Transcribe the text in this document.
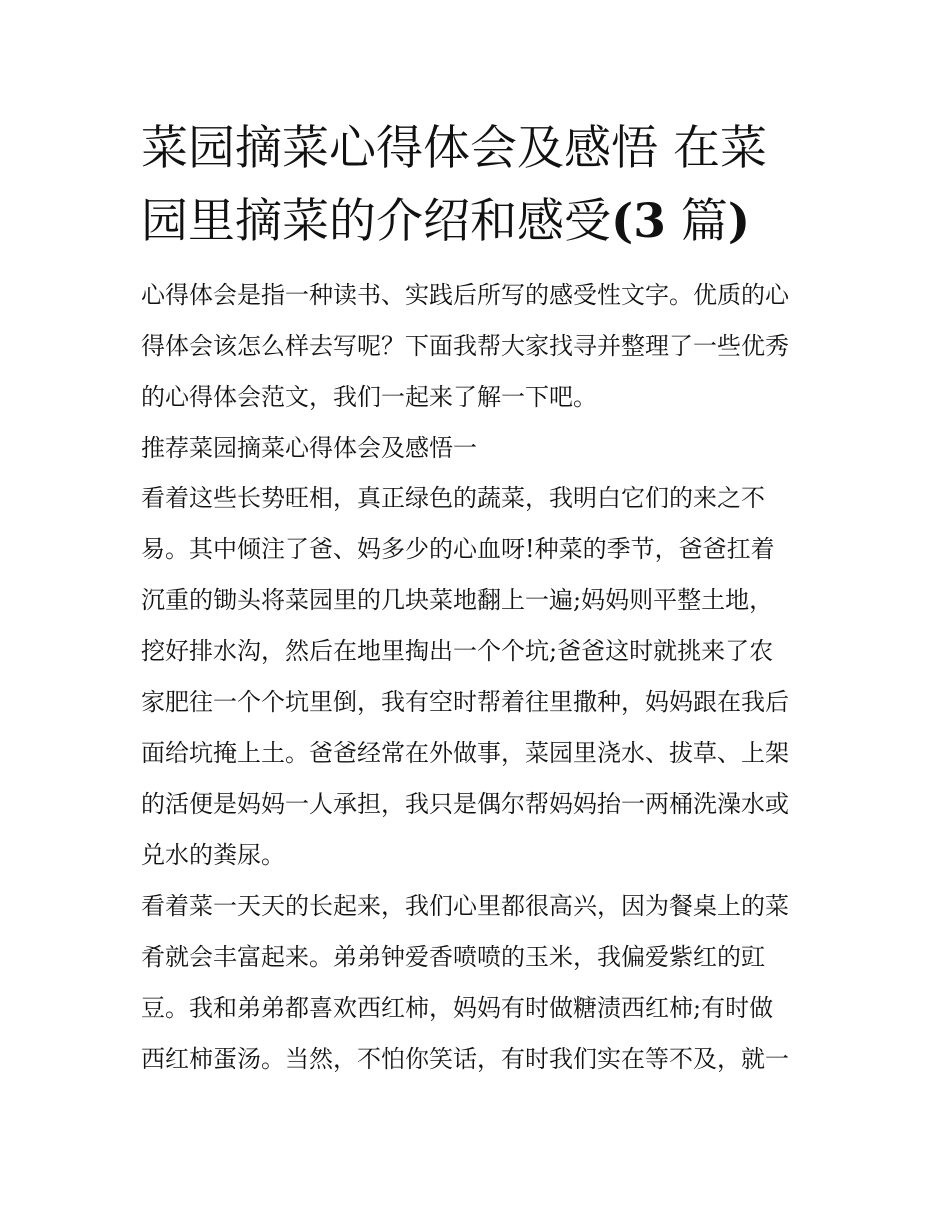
菜园摘菜心得体会及感悟 在菜
园里摘菜的介绍和感受(3 篇)

心得体会是指一种读书、实践后所写的感受性文字。优质的心
得体会该怎么样去写呢？下面我帮大家找寻并整理了一些优秀
的心得体会范文，我们一起来了解一下吧。

推荐菜园摘菜心得体会及感悟一

看着这些长势旺相，真正绿色的蔬菜，我明白它们的来之不
易。其中倾注了爸、妈多少的心血呀!种菜的季节，爸爸扛着
沉重的锄头将菜园里的几块菜地翻上一遍;妈妈则平整土地，
挖好排水沟，然后在地里掏出一个个坑;爸爸这时就挑来了农
家肥往一个个坑里倒，我有空时帮着往里撒种，妈妈跟在我后
面给坑掩上土。爸爸经常在外做事，菜园里浇水、拔草、上架
的活便是妈妈一人承担，我只是偶尔帮妈妈抬一两桶洗澡水或
兑水的粪尿。

看着菜一天天的长起来，我们心里都很高兴，因为餐桌上的菜
肴就会丰富起来。弟弟钟爱香喷喷的玉米，我偏爱紫红的豇
豆。我和弟弟都喜欢西红柿，妈妈有时做糖渍西红柿;有时做
西红柿蛋汤。当然，不怕你笑话，有时我们实在等不及，就一
